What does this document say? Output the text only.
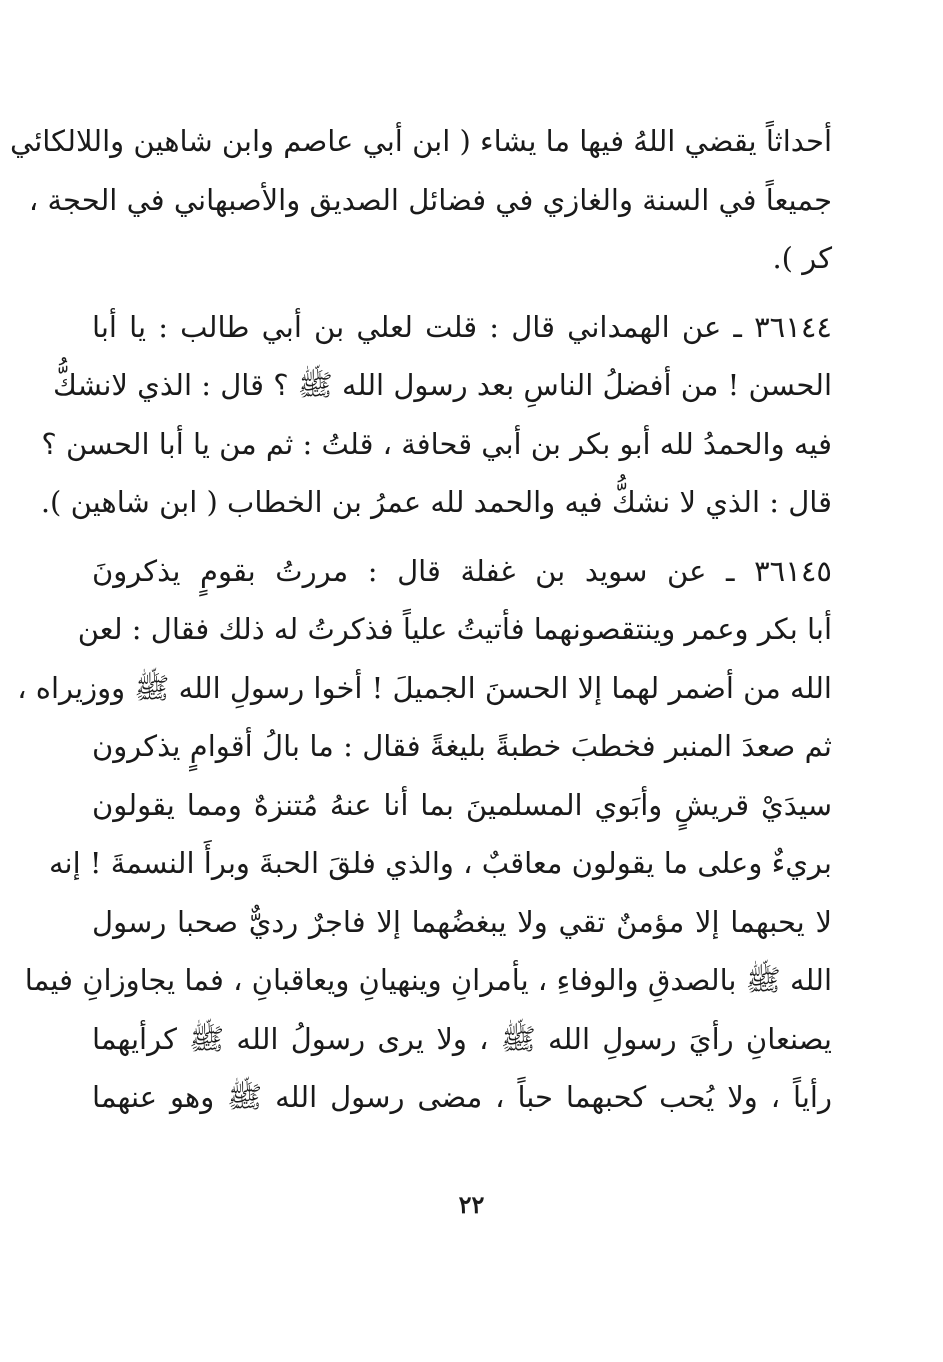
أحداثاً يقضي اللهُ فيها ما يشاء ( ابن أبي عاصم وابن شاهين واللالكائي
جميعاً في السنة والغازي في فضائل الصديق والأصبهاني في الحجة ،
كر ).
٣٦١٤٤ ـ عن الهمداني قال : قلت لعلي بن أبي طالب : يا أبا
الحسن ! من أفضلُ الناسِ بعد رسول الله ﷺ ؟ قال : الذي لانشكُّ
فيه والحمدُ لله أبو بكر بن أبي قحافة ، قلتُ : ثم من يا أبا الحسن ؟
قال : الذي لا نشكُّ فيه والحمد لله عمرُ بن الخطاب ( ابن شاهين ).
٣٦١٤٥ ـ عن سويد بن غفلة قال : مررتُ بقومٍ يذكرونَ
أبا بكر وعمر وينتقصونهما فأتيتُ علياً فذكرتُ له ذلك فقال : لعن
الله من أضمر لهما إلا الحسنَ الجميلَ ! أخوا رسولِ الله ﷺ ووزيراه ،
ثم صعدَ المنبر فخطبَ خطبةً بليغةً فقال : ما بالُ أقوامٍ يذكرون
سيدَيْ قريشٍ وأبَوي المسلمينَ بما أنا عنهُ مُتنزهٌ ومما يقولون
بريءٌ وعلى ما يقولون معاقبٌ ، والذي فلقَ الحبةَ وبرأَ النسمةَ ! إنه
لا يحبهما إلا مؤمنٌ تقي ولا يبغضُهما إلا فاجرٌ رديٌّ صحبا رسول
الله ﷺ بالصدقِ والوفاءِ ، يأمرانِ وينهيانِ ويعاقبانِ ، فما يجاوزانِ فيما
يصنعانِ رأيَ رسولِ الله ﷺ ، ولا يرى رسولُ الله ﷺ كرأيهما
رأياً ، ولا يُحب كحبهما حباً ، مضى رسول الله ﷺ وهو عنهما
٢٢
